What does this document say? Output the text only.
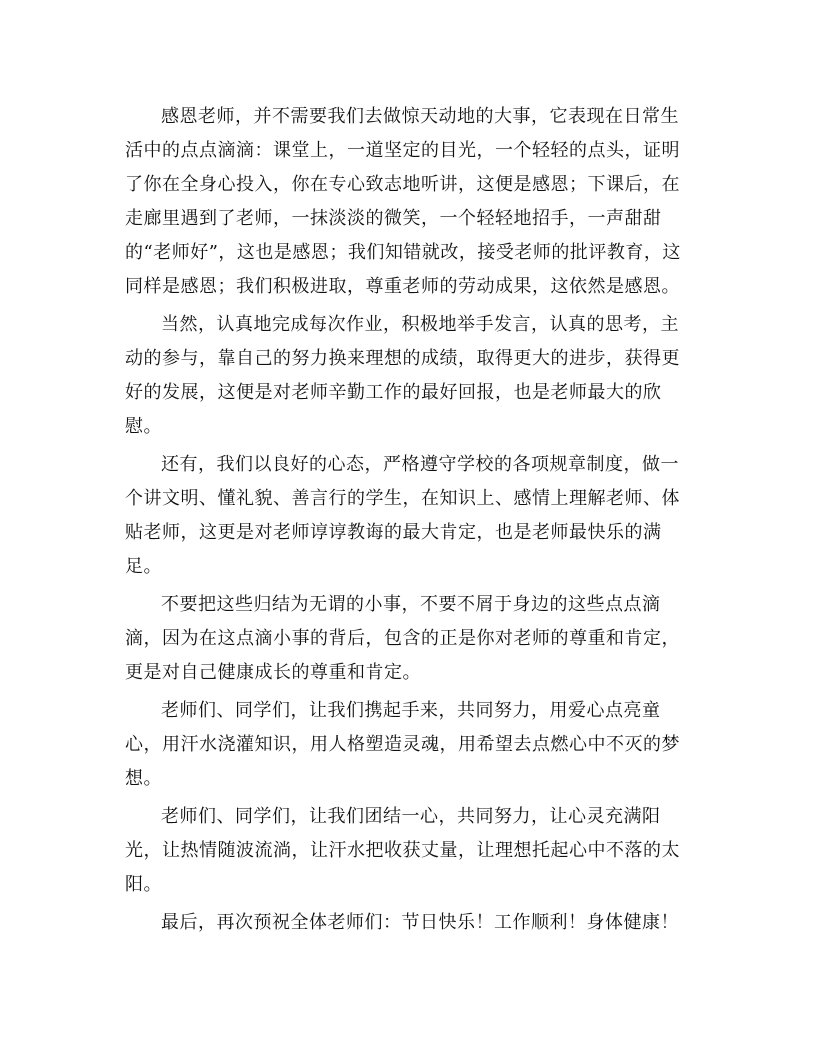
感恩老师，并不需要我们去做惊天动地的大事，它表现在日常生活中的点点滴滴：课堂上，一道坚定的目光，一个轻轻的点头，证明了你在全身心投入，你在专心致志地听讲，这便是感恩；下课后，在走廊里遇到了老师，一抹淡淡的微笑，一个轻轻地招手，一声甜甜的“老师好”，这也是感恩；我们知错就改，接受老师的批评教育，这同样是感恩；我们积极进取，尊重老师的劳动成果，这依然是感恩。

当然，认真地完成每次作业，积极地举手发言，认真的思考，主动的参与，靠自己的努力换来理想的成绩，取得更大的进步，获得更好的发展，这便是对老师辛勤工作的最好回报，也是老师最大的欣慰。

还有，我们以良好的心态，严格遵守学校的各项规章制度，做一个讲文明、懂礼貌、善言行的学生，在知识上、感情上理解老师、体贴老师，这更是对老师谆谆教诲的最大肯定，也是老师最快乐的满足。

不要把这些归结为无谓的小事，不要不屑于身边的这些点点滴滴，因为在这点滴小事的背后，包含的正是你对老师的尊重和肯定，更是对自己健康成长的尊重和肯定。

老师们、同学们，让我们携起手来，共同努力，用爱心点亮童心，用汗水浇灌知识，用人格塑造灵魂，用希望去点燃心中不灭的梦想。

老师们、同学们，让我们团结一心，共同努力，让心灵充满阳光，让热情随波流淌，让汗水把收获丈量，让理想托起心中不落的太阳。

最后，再次预祝全体老师们：节日快乐！工作顺利！身体健康！
